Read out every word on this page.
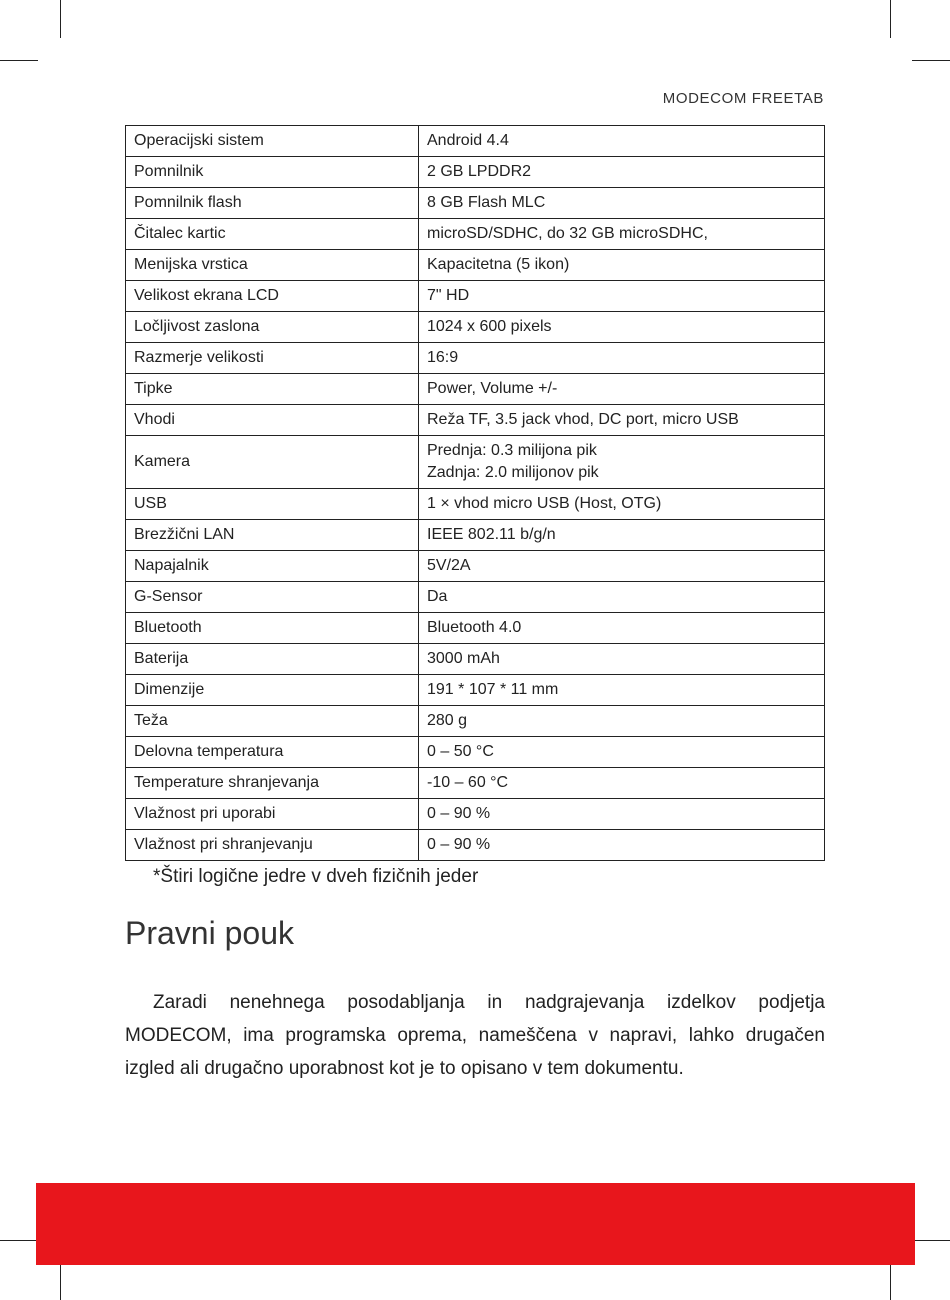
MODECOM FREETAB
Operacijski sistem	Android 4.4

Pomnilnik	2 GB LPDDR2

Pomnilnik flash	8 GB Flash MLC

Čitalec kartic	microSD/SDHC, do 32 GB microSDHC,

Menijska vrstica	Kapacitetna (5 ikon)

Velikost ekrana LCD	7" HD

Ločljivost zaslona	1024 x 600 pixels

Razmerje velikosti	16:9

Tipke	Power, Volume +/-

Vhodi	Reža TF, 3.5 jack vhod, DC port, micro USB

Kamera	Prednja: 0.3 milijona pik
Zadnja: 2.0 milijonov pik

USB	1 × vhod micro USB (Host, OTG)

Brezžični LAN	IEEE 802.11 b/g/n

Napajalnik	5V/2A

G-Sensor	Da

Bluetooth	Bluetooth 4.0

Baterija	3000 mAh

Dimenzije	191 * 107 * 11 mm

Teža	280 g

Delovna temperatura	0 – 50 °C

Temperature shranjevanja	-10 – 60 °C

Vlažnost pri uporabi	0 – 90 %

Vlažnost pri shranjevanju	0 – 90 %
*Štiri logične jedre v dveh fizičnih jeder
Pravni pouk

Zaradi nenehnega posodabljanja in nadgrajevanja izdelkov podjetja MODECOM, ima programska oprema, nameščena v napravi, lahko drugačen izgled ali drugačno uporabnost kot je to opisano v tem dokumentu.
